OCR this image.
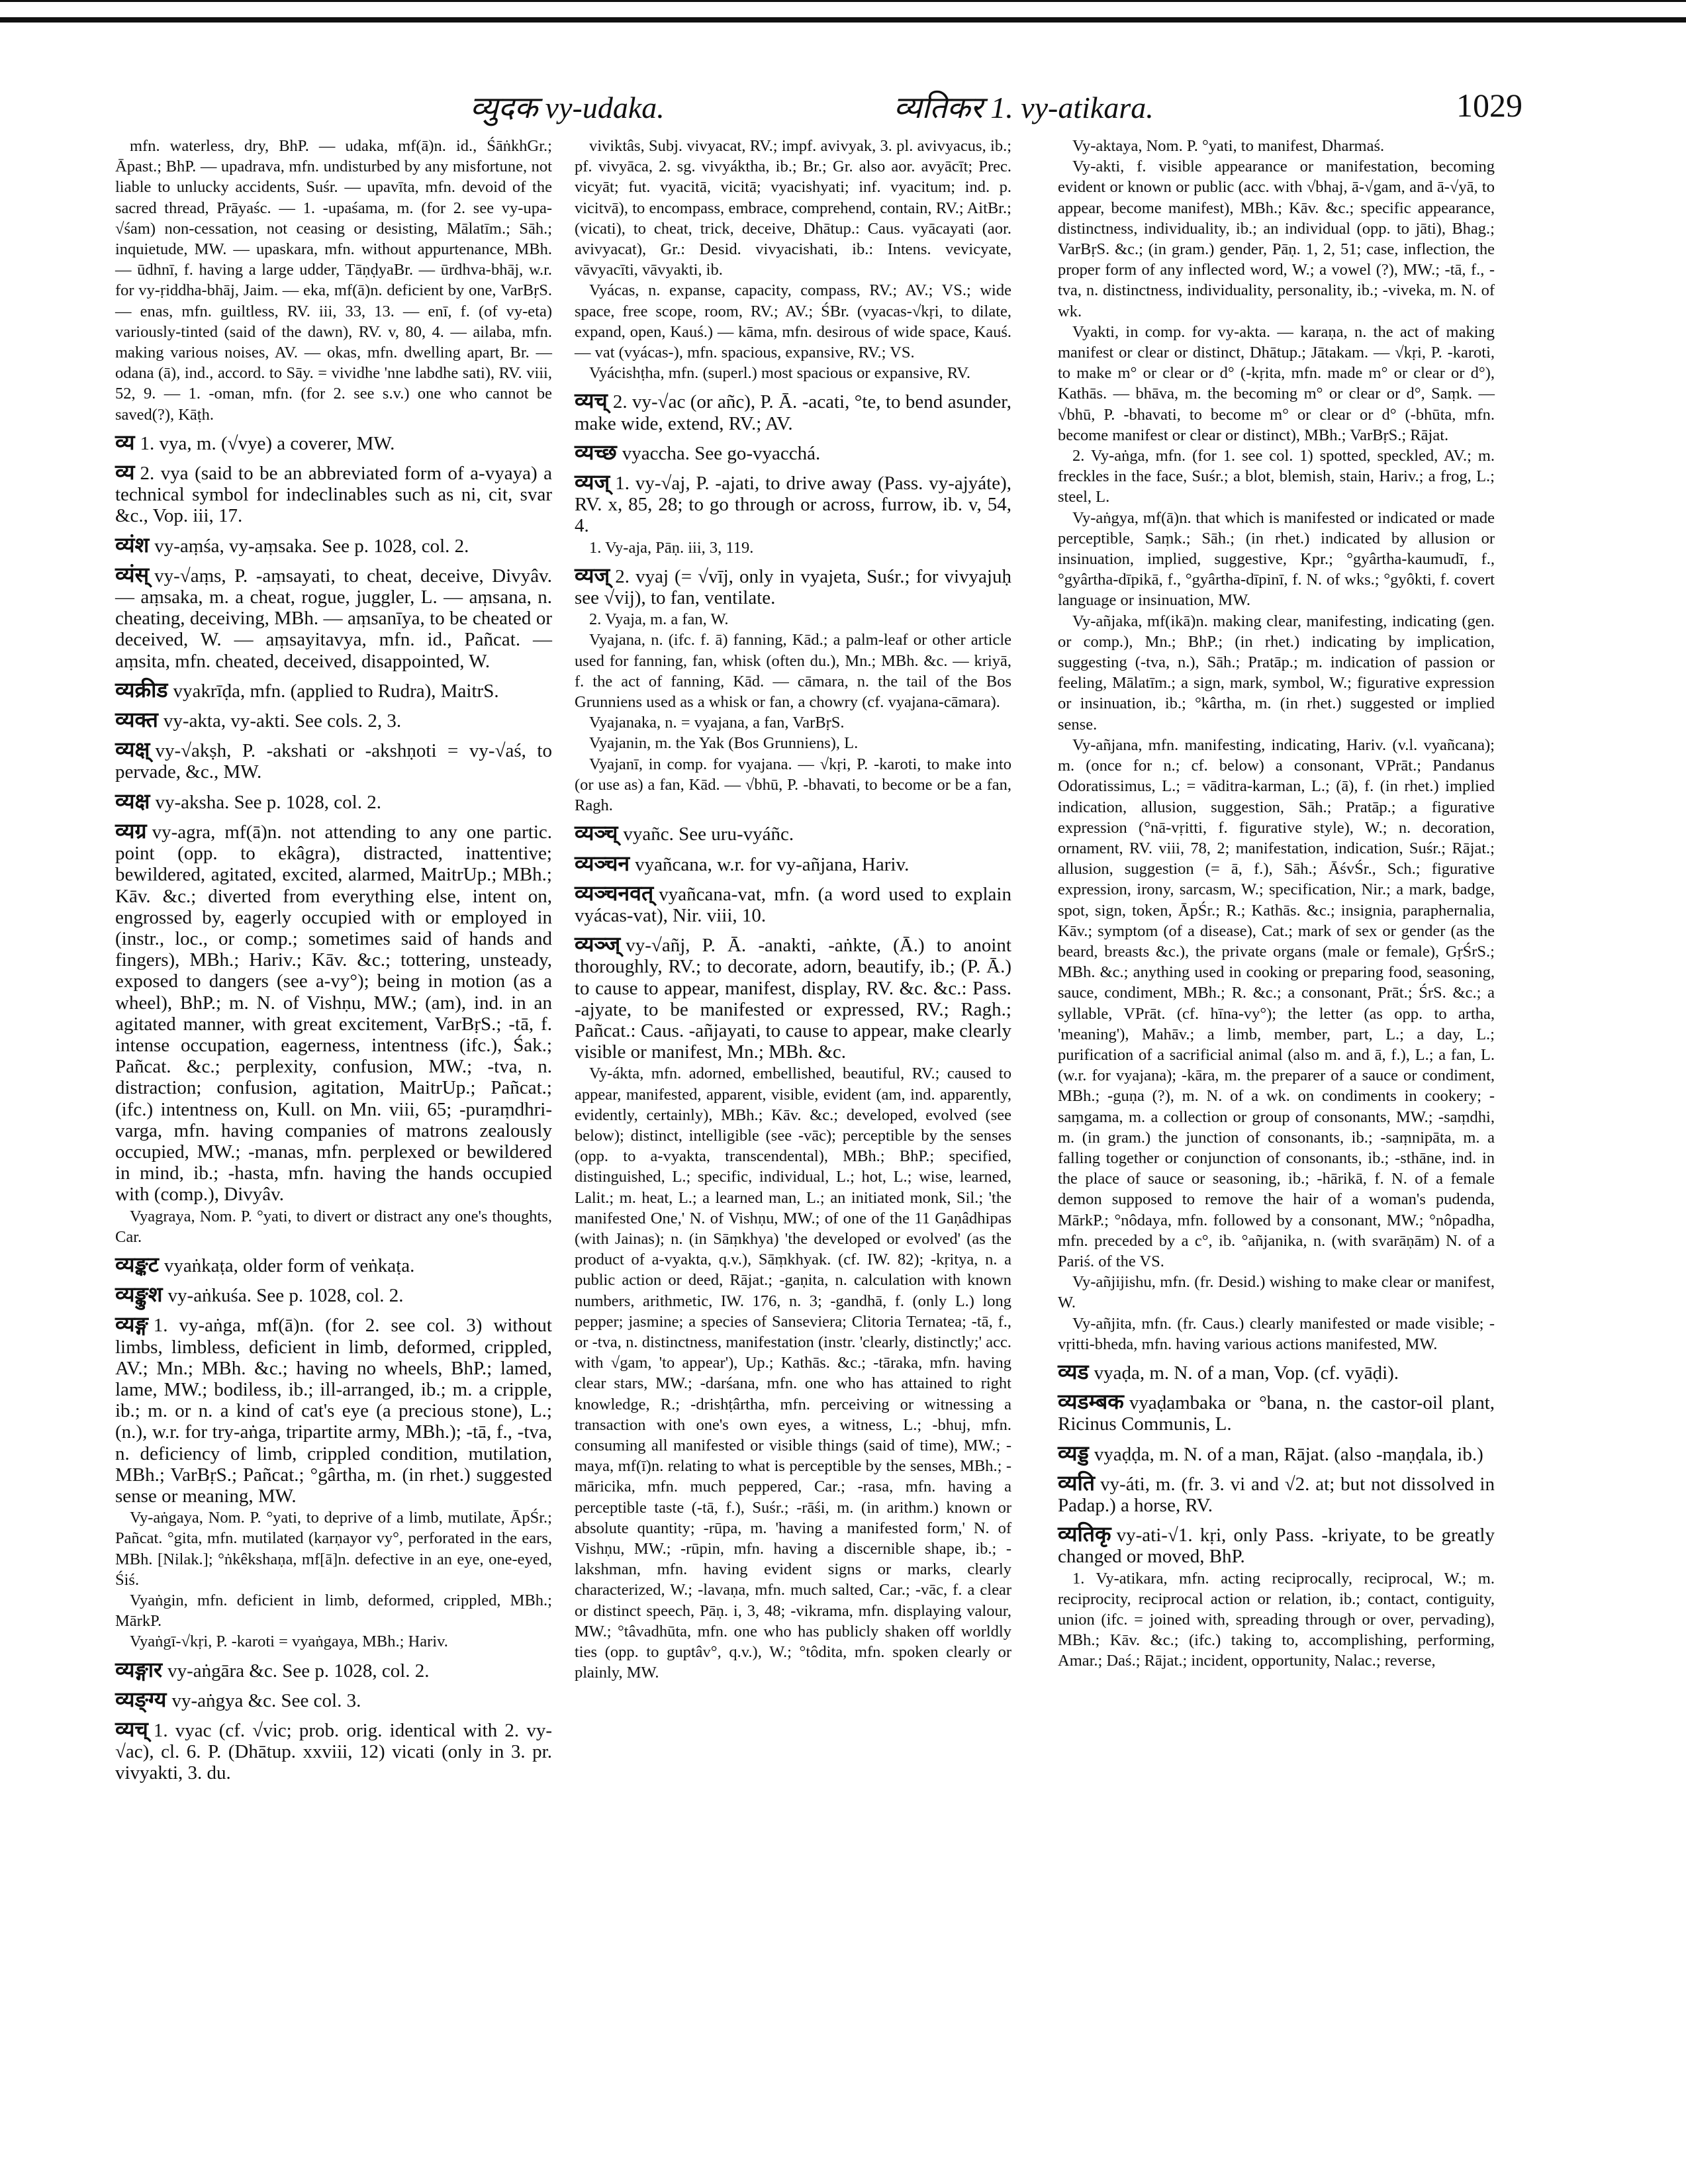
व्युदक vy-udaka.	व्यतिकर 1. vy-atikara.	1029

mfn. waterless, dry, BhP. — udaka, mf(ā)n. id., ŚāṅkhGr.; Āpast.; BhP. — upadrava, mfn. undisturbed by any misfortune, not liable to unlucky accidents, Suśr. — upavīta, mfn. devoid of the sacred thread, Prāyaśc. — 1. -upaśama, m. (for 2. see vy-upa-√śam) non-cessation, not ceasing or desisting, Mālatīm.; Sāh.; inquietude, MW. — upaskara, mfn. without appurtenance, MBh. — ūdhnī, f. having a large udder, TāṇḍyaBr. — ūrdhva-bhāj, w.r. for vy-ṛiddha-bhāj, Jaim. — eka, mf(ā)n. deficient by one, VarBṛS. — enas, mfn. guiltless, RV. iii, 33, 13. — enī, f. (of vy-eta) variously-tinted (said of the dawn), RV. v, 80, 4. — ailaba, mfn. making various noises, AV. — okas, mfn. dwelling apart, Br. — odana (ā), ind., accord. to Sāy. = vividhe 'nne labdhe sati), RV. viii, 52, 9. — 1. -oman, mfn. (for 2. see s.v.) one who cannot be saved(?), Kāṭh.

व्य 1. vya, m. (√vye) a coverer, MW.

व्य 2. vya (said to be an abbreviated form of a-vyaya) a technical symbol for indeclinables such as ni, cit, svar &c., Vop. iii, 17.

व्यंश vy-aṃśa, vy-aṃsaka. See p. 1028, col. 2.

व्यंस् vy-√aṃs, P. -aṃsayati, to cheat, deceive, Divyâv. — aṃsaka, m. a cheat, rogue, juggler, L. — aṃsana, n. cheating, deceiving, MBh. — aṃsanīya, to be cheated or deceived, W. — aṃsayitavya, mfn. id., Pañcat. — aṃsita, mfn. cheated, deceived, disappointed, W.

व्यक्रीड vyakrīḍa, mfn. (applied to Rudra), MaitrS.

व्यक्त vy-akta, vy-akti. See cols. 2, 3.

व्यक्ष् vy-√akṣh, P. -akshati or -akshṇoti = vy-√aś, to pervade, &c., MW.

व्यक्ष vy-aksha. See p. 1028, col. 2.

व्यग्र vy-agra, mf(ā)n. not attending to any one partic. point (opp. to ekâgra), distracted, inattentive; bewildered, agitated, excited, alarmed, MaitrUp.; MBh.; Kāv. &c.; diverted from everything else, intent on, engrossed by, eagerly occupied with or employed in (instr., loc., or comp.; sometimes said of hands and fingers), MBh.; Hariv.; Kāv. &c.; tottering, unsteady, exposed to dangers (see a-vy°); being in motion (as a wheel), BhP.; m. N. of Vishṇu, MW.; (am), ind. in an agitated manner, with great excitement, VarBṛS.; -tā, f. intense occupation, eagerness, intentness (ifc.), Śak.; Pañcat. &c.; perplexity, confusion, MW.; -tva, n. distraction; confusion, agitation, MaitrUp.; Pañcat.; (ifc.) intentness on, Kull. on Mn. viii, 65; -puraṃdhri-varga, mfn. having companies of matrons zealously occupied, MW.; -manas, mfn. perplexed or bewildered in mind, ib.; -hasta, mfn. having the hands occupied with (comp.), Divyâv.

Vyagraya, Nom. P. °yati, to divert or distract any one's thoughts, Car.

व्यङ्कट vyaṅkaṭa, older form of veṅkaṭa.

व्यङ्कुश vy-aṅkuśa. See p. 1028, col. 2.

व्यङ्ग 1. vy-aṅga, mf(ā)n. (for 2. see col. 3) without limbs, limbless, deficient in limb, deformed, crippled, AV.; Mn.; MBh. &c.; having no wheels, BhP.; lamed, lame, MW.; bodiless, ib.; ill-arranged, ib.; m. a cripple, ib.; m. or n. a kind of cat's eye (a precious stone), L.; (n.), w.r. for try-aṅga, tripartite army, MBh.); -tā, f., -tva, n. deficiency of limb, crippled condition, mutilation, MBh.; VarBṛS.; Pañcat.; °gârtha, m. (in rhet.) suggested sense or meaning, MW.

Vy-aṅgaya, Nom. P. °yati, to deprive of a limb, mutilate, ĀpŚr.; Pañcat. °gita, mfn. mutilated (karṇayor vy°, perforated in the ears, MBh. [Nilak.]; °ṅkêkshaṇa, mf[ā]n. defective in an eye, one-eyed, Śiś.

Vyaṅgin, mfn. deficient in limb, deformed, crippled, MBh.; MārkP.

Vyaṅgī-√kṛi, P. -karoti = vyaṅgaya, MBh.; Hariv.

व्यङ्गार vy-aṅgāra &c. See p. 1028, col. 2.

व्यङ्ग्य vy-aṅgya &c. See col. 3.

व्यच् 1. vyac (cf. √vic; prob. orig. identical with 2. vy-√ac), cl. 6. P. (Dhātup. xxviii, 12) vicati (only in 3. pr. vivyakti, 3. du.

viviktâs, Subj. vivyacat, RV.; impf. avivyak, 3. pl. avivyacus, ib.; pf. vivyāca, 2. sg. vivyáktha, ib.; Br.; Gr. also aor. avyācīt; Prec. vicyāt; fut. vyacitā, vicitā; vyacishyati; inf. vyacitum; ind. p. vicitvā), to encompass, embrace, comprehend, contain, RV.; AitBr.; (vicati), to cheat, trick, deceive, Dhātup.: Caus. vyācayati (aor. avivyacat), Gr.: Desid. vivyacishati, ib.: Intens. vevicyate, vāvyacīti, vāvyakti, ib.

Vyácas, n. expanse, capacity, compass, RV.; AV.; VS.; wide space, free scope, room, RV.; AV.; ŚBr. (vyacas-√kṛi, to dilate, expand, open, Kauś.) — kāma, mfn. desirous of wide space, Kauś. — vat (vyácas-), mfn. spacious, expansive, RV.; VS.

Vyácishṭha, mfn. (superl.) most spacious or expansive, RV.

व्यच् 2. vy-√ac (or añc), P. Ā. -acati, °te, to bend asunder, make wide, extend, RV.; AV.

व्यच्छ vyaccha. See go-vyacchá.

व्यज् 1. vy-√aj, P. -ajati, to drive away (Pass. vy-ajyáte), RV. x, 85, 28; to go through or across, furrow, ib. v, 54, 4.

1. Vy-aja, Pāṇ. iii, 3, 119.

व्यज् 2. vyaj (= √vīj, only in vyajeta, Suśr.; for vivyajuḥ see √vij), to fan, ventilate.

2. Vyaja, m. a fan, W.

Vyajana, n. (ifc. f. ā) fanning, Kād.; a palm-leaf or other article used for fanning, fan, whisk (often du.), Mn.; MBh. &c. — kriyā, f. the act of fanning, Kād. — cāmara, n. the tail of the Bos Grunniens used as a whisk or fan, a chowry (cf. vyajana-cāmara).

Vyajanaka, n. = vyajana, a fan, VarBṛS.

Vyajanin, m. the Yak (Bos Grunniens), L.

Vyajanī, in comp. for vyajana. — √kṛi, P. -karoti, to make into (or use as) a fan, Kād. — √bhū, P. -bhavati, to become or be a fan, Ragh.

व्यञ्च् vyañc. See uru-vyáñc.

व्यञ्चन vyañcana, w.r. for vy-añjana, Hariv.

व्यञ्चनवत् vyañcana-vat, mfn. (a word used to explain vyácas-vat), Nir. viii, 10.

व्यञ्ज् vy-√añj, P. Ā. -anakti, -aṅkte, (Ā.) to anoint thoroughly, RV.; to decorate, adorn, beautify, ib.; (P. Ā.) to cause to appear, manifest, display, RV. &c. &c.: Pass. -ajyate, to be manifested or expressed, RV.; Ragh.; Pañcat.: Caus. -añjayati, to cause to appear, make clearly visible or manifest, Mn.; MBh. &c.

Vy-ákta, mfn. adorned, embellished, beautiful, RV.; caused to appear, manifested, apparent, visible, evident (am, ind. apparently, evidently, certainly), MBh.; Kāv. &c.; developed, evolved (see below); distinct, intelligible (see -vāc); perceptible by the senses (opp. to a-vyakta, transcendental), MBh.; BhP.; specified, distinguished, L.; specific, individual, L.; hot, L.; wise, learned, Lalit.; m. heat, L.; a learned man, L.; an initiated monk, Sil.; 'the manifested One,' N. of Vishṇu, MW.; of one of the 11 Gaṇâdhipas (with Jainas); n. (in Sāṃkhya) 'the developed or evolved' (as the product of a-vyakta, q.v.), Sāṃkhyak. (cf. IW. 82); -kṛitya, n. a public action or deed, Rājat.; -gaṇita, n. calculation with known numbers, arithmetic, IW. 176, n. 3; -gandhā, f. (only L.) long pepper; jasmine; a species of Sanseviera; Clitoria Ternatea; -tā, f., or -tva, n. distinctness, manifestation (instr. 'clearly, distinctly;' acc. with √gam, 'to appear'), Up.; Kathās. &c.; -tāraka, mfn. having clear stars, MW.; -darśana, mfn. one who has attained to right knowledge, R.; -drishṭârtha, mfn. perceiving or witnessing a transaction with one's own eyes, a witness, L.; -bhuj, mfn. consuming all manifested or visible things (said of time), MW.; -maya, mf(ī)n. relating to what is perceptible by the senses, MBh.; -māricika, mfn. much peppered, Car.; -rasa, mfn. having a perceptible taste (-tā, f.), Suśr.; -rāśi, m. (in arithm.) known or absolute quantity; -rūpa, m. 'having a manifested form,' N. of Vishṇu, MW.; -rūpin, mfn. having a discernible shape, ib.; -lakshman, mfn. having evident signs or marks, clearly characterized, W.; -lavaṇa, mfn. much salted, Car.; -vāc, f. a clear or distinct speech, Pāṇ. i, 3, 48; -vikrama, mfn. displaying valour, MW.; °tâvadhūta, mfn. one who has publicly shaken off worldly ties (opp. to guptâv°, q.v.), W.; °tôdita, mfn. spoken clearly or plainly, MW.

Vy-aktaya, Nom. P. °yati, to manifest, Dharmaś.

Vy-akti, f. visible appearance or manifestation, becoming evident or known or public (acc. with √bhaj, ā-√gam, and ā-√yā, to appear, become manifest), MBh.; Kāv. &c.; specific appearance, distinctness, individuality, ib.; an individual (opp. to jāti), Bhag.; VarBṛS. &c.; (in gram.) gender, Pāṇ. 1, 2, 51; case, inflection, the proper form of any inflected word, W.; a vowel (?), MW.; -tā, f., -tva, n. distinctness, individuality, personality, ib.; -viveka, m. N. of wk.

Vyakti, in comp. for vy-akta. — karaṇa, n. the act of making manifest or clear or distinct, Dhātup.; Jātakam. — √kṛi, P. -karoti, to make m° or clear or d° (-kṛita, mfn. made m° or clear or d°), Kathās. — bhāva, m. the becoming m° or clear or d°, Saṃk. — √bhū, P. -bhavati, to become m° or clear or d° (-bhūta, mfn. become manifest or clear or distinct), MBh.; VarBṛS.; Rājat.

2. Vy-aṅga, mfn. (for 1. see col. 1) spotted, speckled, AV.; m. freckles in the face, Suśr.; a blot, blemish, stain, Hariv.; a frog, L.; steel, L.

Vy-aṅgya, mf(ā)n. that which is manifested or indicated or made perceptible, Saṃk.; Sāh.; (in rhet.) indicated by allusion or insinuation, implied, suggestive, Kpr.; °gyârtha-kaumudī, f., °gyârtha-dīpikā, f., °gyârtha-dīpinī, f. N. of wks.; °gyôkti, f. covert language or insinuation, MW.

Vy-añjaka, mf(ikā)n. making clear, manifesting, indicating (gen. or comp.), Mn.; BhP.; (in rhet.) indicating by implication, suggesting (-tva, n.), Sāh.; Pratāp.; m. indication of passion or feeling, Mālatīm.; a sign, mark, symbol, W.; figurative expression or insinuation, ib.; °kârtha, m. (in rhet.) suggested or implied sense.

Vy-añjana, mfn. manifesting, indicating, Hariv. (v.l. vyañcana); m. (once for n.; cf. below) a consonant, VPrāt.; Pandanus Odoratissimus, L.; = vāditra-karman, L.; (ā), f. (in rhet.) implied indication, allusion, suggestion, Sāh.; Pratāp.; a figurative expression (°nā-vṛitti, f. figurative style), W.; n. decoration, ornament, RV. viii, 78, 2; manifestation, indication, Suśr.; Rājat.; allusion, suggestion (= ā, f.), Sāh.; ĀśvŚr., Sch.; figurative expression, irony, sarcasm, W.; specification, Nir.; a mark, badge, spot, sign, token, ĀpŚr.; R.; Kathās. &c.; insignia, paraphernalia, Kāv.; symptom (of a disease), Cat.; mark of sex or gender (as the beard, breasts &c.), the private organs (male or female), GṛŚrS.; MBh. &c.; anything used in cooking or preparing food, seasoning, sauce, condiment, MBh.; R. &c.; a consonant, Prāt.; ŚrS. &c.; a syllable, VPrāt. (cf. hīna-vy°); the letter (as opp. to artha, 'meaning'), Mahāv.; a limb, member, part, L.; a day, L.; purification of a sacrificial animal (also m. and ā, f.), L.; a fan, L. (w.r. for vyajana); -kāra, m. the preparer of a sauce or condiment, MBh.; -guṇa (?), m. N. of a wk. on condiments in cookery; -saṃgama, m. a collection or group of consonants, MW.; -saṃdhi, m. (in gram.) the junction of consonants, ib.; -saṃnipāta, m. a falling together or conjunction of consonants, ib.; -sthāne, ind. in the place of sauce or seasoning, ib.; -hārikā, f. N. of a female demon supposed to remove the hair of a woman's pudenda, MārkP.; °nôdaya, mfn. followed by a consonant, MW.; °nôpadha, mfn. preceded by a c°, ib. °añjanika, n. (with svarāṇām) N. of a Pariś. of the VS.

Vy-añjijishu, mfn. (fr. Desid.) wishing to make clear or manifest, W.

Vy-añjita, mfn. (fr. Caus.) clearly manifested or made visible; -vṛitti-bheda, mfn. having various actions manifested, MW.

व्यड vyaḍa, m. N. of a man, Vop. (cf. vyāḍi).

व्यडम्बक vyaḍambaka or °bana, n. the castor-oil plant, Ricinus Communis, L.

व्यड्ड vyaḍḍa, m. N. of a man, Rājat. (also -maṇḍala, ib.)

व्यति vy-áti, m. (fr. 3. vi and √2. at; but not dissolved in Padap.) a horse, RV.

व्यतिकृ vy-ati-√1. kṛi, only Pass. -kriyate, to be greatly changed or moved, BhP.

1. Vy-atikara, mfn. acting reciprocally, reciprocal, W.; m. reciprocity, reciprocal action or relation, ib.; contact, contiguity, union (ifc. = joined with, spreading through or over, pervading), MBh.; Kāv. &c.; (ifc.) taking to, accomplishing, performing, Amar.; Daś.; Rājat.; incident, opportunity, Nalac.; reverse,
